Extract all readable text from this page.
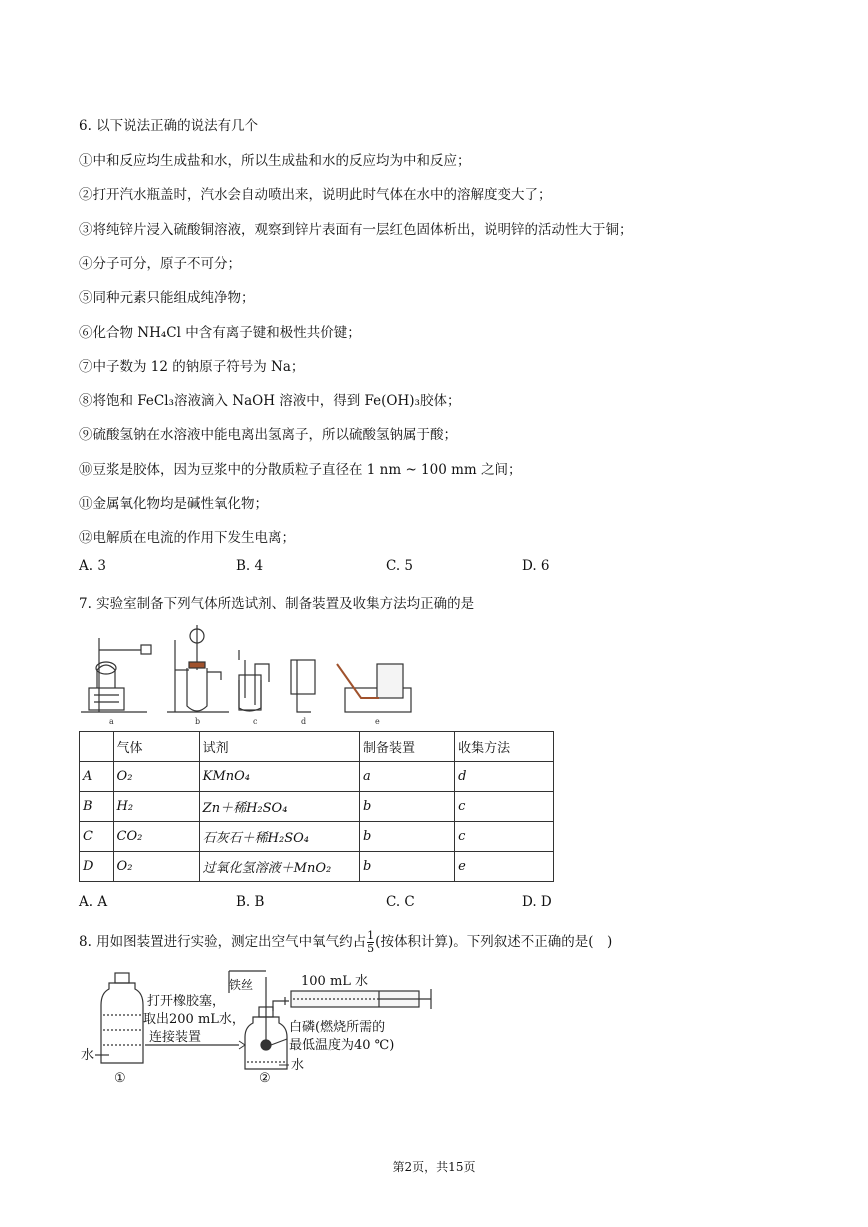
6. 以下说法正确的说法有几个
①中和反应均生成盐和水，所以生成盐和水的反应均为中和反应；
②打开汽水瓶盖时，汽水会自动喷出来，说明此时气体在水中的溶解度变大了；
③将纯锌片浸入硫酸铜溶液，观察到锌片表面有一层红色固体析出，说明锌的活动性大于铜；
④分子可分，原子不可分；
⑤同种元素只能组成纯净物；
⑥化合物 NH₄Cl 中含有离子键和极性共价键；
⑦中子数为 12 的钠原子符号为 Na；
⑧将饱和 FeCl₃溶液滴入 NaOH 溶液中，得到 Fe(OH)₃胶体；
⑨硫酸氢钠在水溶液中能电离出氢离子，所以硫酸氢钠属于酸；
⑩豆浆是胶体，因为豆浆中的分散质粒子直径在 1 nm ~ 100 mm 之间；
⑪金属氧化物均是碱性氧化物；
⑫电解质在电流的作用下发生电离；
A. 3	B. 4	C. 5	D. 6
7. 实验室制备下列气体所选试剂、制备装置及收集方法均正确的是
a	b	c	d	e
	气体	试剂	制备装置	收集方法
A	O₂	KMnO₄	a	d
B	H₂	Zn＋稀H₂SO₄	b	c
C	CO₂	石灰石＋稀H₂SO₄	b	c
D	O₂	过氧化氢溶液＋MnO₂	b	e
A. A	B. B	C. C	D. D
8. 用如图装置进行实验，测定出空气中氧气约占 $\frac{1}{5}$ (按体积计算)。下列叙述不正确的是(　)
水
①
打开橡胶塞，
取出200 mL水，
连接装置
铁丝	100 mL 水
白磷(燃烧所需的
最低温度为40 ℃)
水
②
第2页，共15页
